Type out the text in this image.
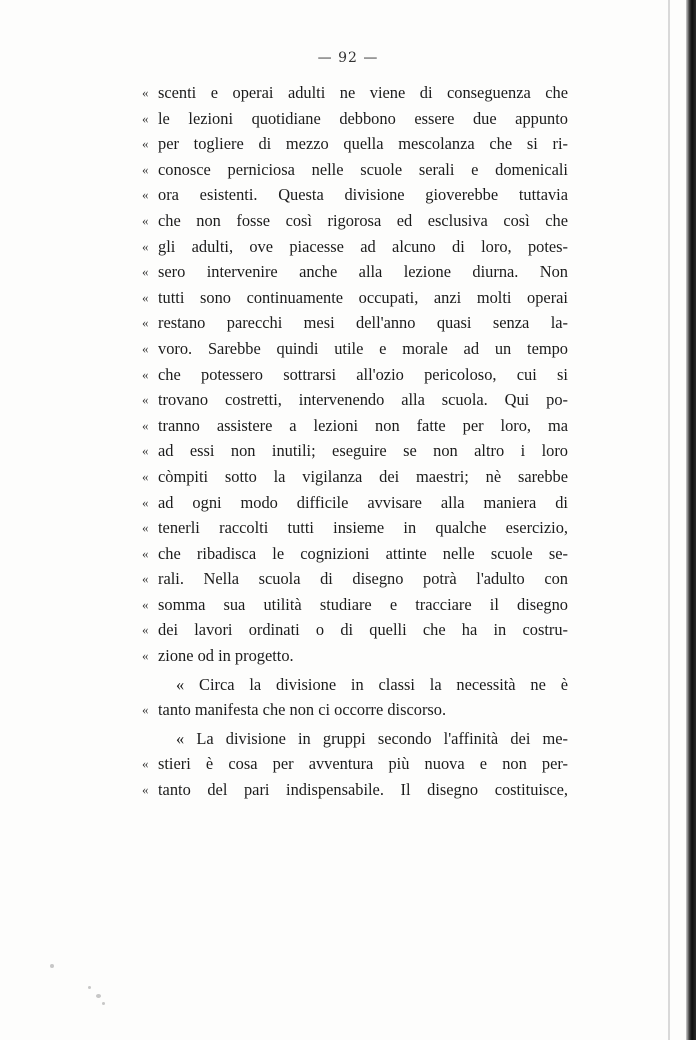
— 92 —
« scenti e operai adulti ne viene di conseguenza che
« le lezioni quotidiane debbono essere due appunto
« per togliere di mezzo quella mescolanza che si ri-
« conosce perniciosa nelle scuole serali e domenicali
« ora esistenti. Questa divisione gioverebbe tuttavia
« che non fosse così rigorosa ed esclusiva così che
« gli adulti, ove piacesse ad alcuno di loro, potes-
« sero intervenire anche alla lezione diurna. Non
« tutti sono continuamente occupati, anzi molti operai
« restano parecchi mesi dell'anno quasi senza la-
« voro. Sarebbe quindi utile e morale ad un tempo
« che potessero sottrarsi all'ozio pericoloso, cui si
« trovano costretti, intervenendo alla scuola. Qui po-
« tranno assistere a lezioni non fatte per loro, ma
« ad essi non inutili; eseguire se non altro i loro
« còmpiti sotto la vigilanza dei maestri; nè sarebbe
« ad ogni modo difficile avvisare alla maniera di
« tenerli raccolti tutti insieme in qualche esercizio,
« che ribadisca le cognizioni attinte nelle scuole se-
« rali. Nella scuola di disegno potrà l'adulto con
« somma sua utilità studiare e tracciare il disegno
« dei lavori ordinati o di quelli che ha in costru-
« zione od in progetto.
« Circa la divisione in classi la necessità ne è
« tanto manifesta che non ci occorre discorso.
« La divisione in gruppi secondo l'affinità dei me-
« stieri è cosa per avventura più nuova e non per-
« tanto del pari indispensabile. Il disegno costituisce,
